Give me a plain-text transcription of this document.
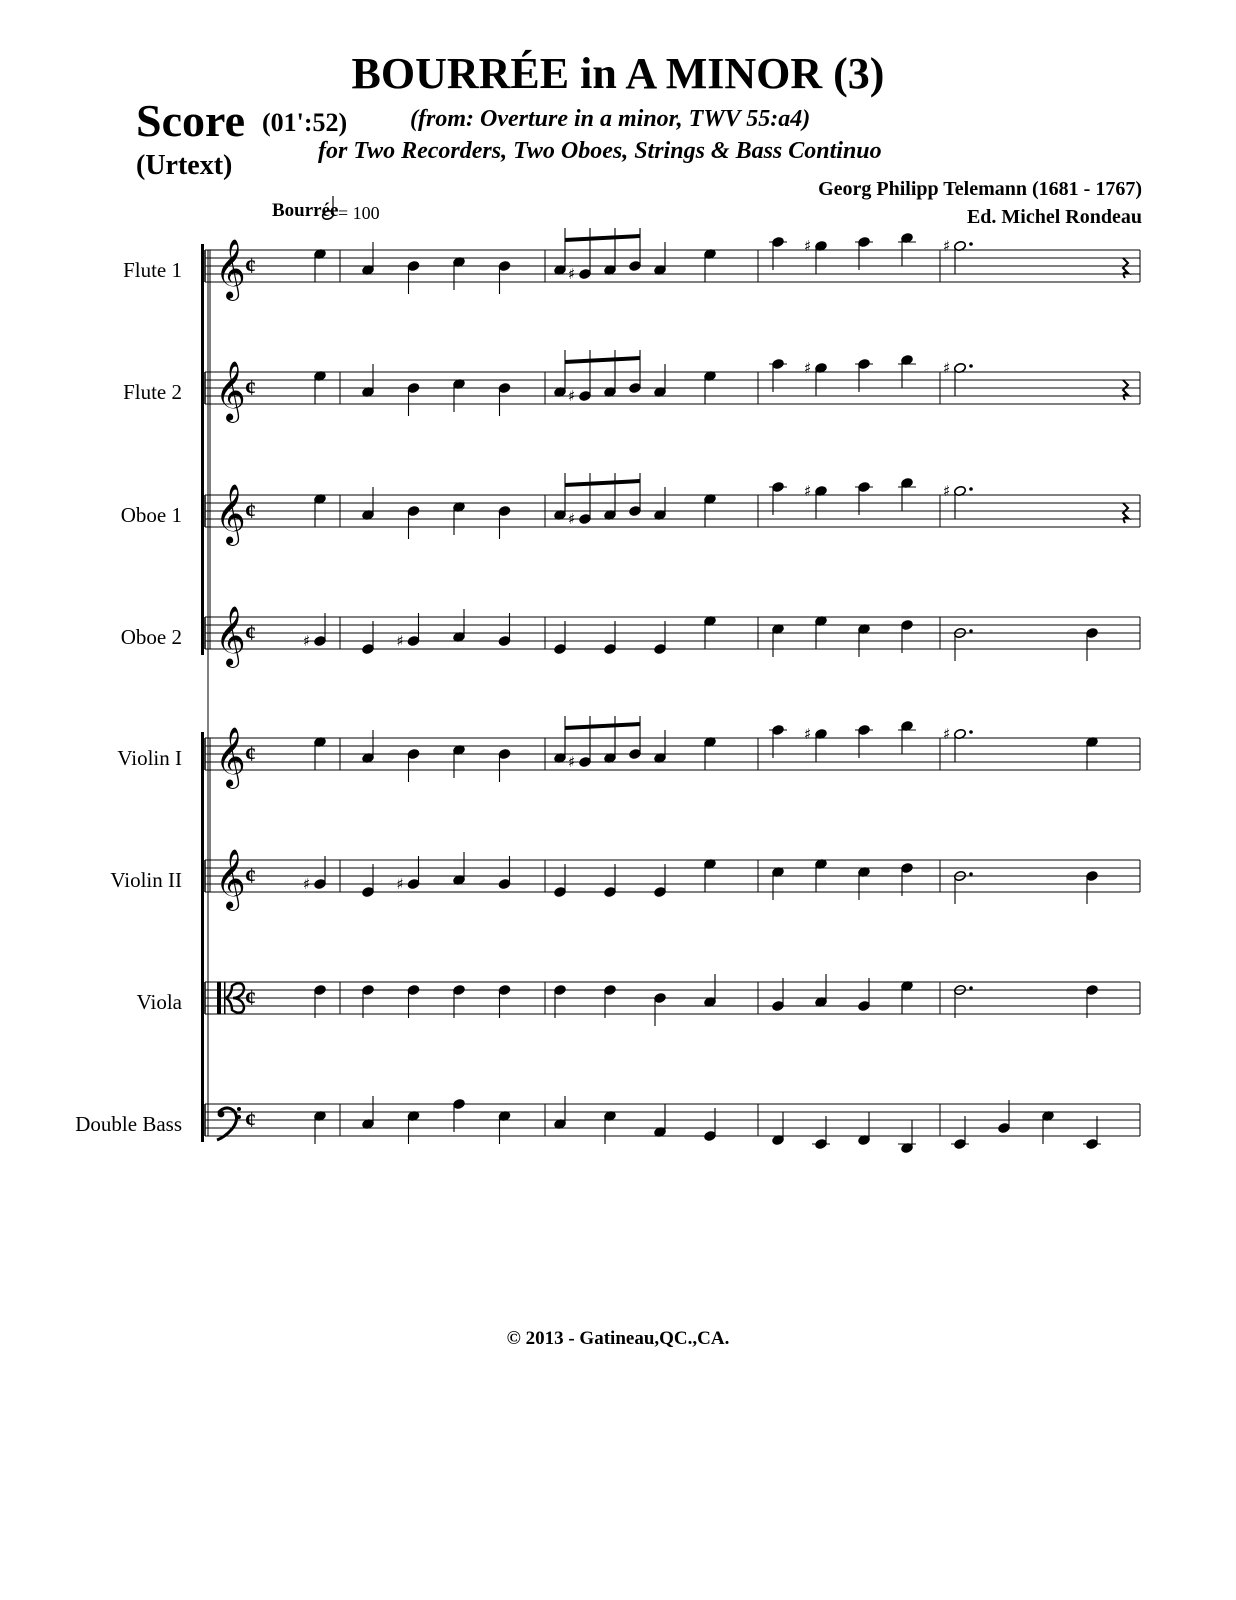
BOURRÉE in A MINOR (3)
Score (01':52)
(Urtext)
(from: Overture in a minor, TWV 55:a4)
for Two Recorders, Two Oboes, Strings & Bass Continuo
Georg Philipp Telemann (1681 - 1767)
Ed. Michel Rondeau
Bourrée = 100
Flute 1
Flute 2
Oboe 1
Oboe 2
Violin I
Violin II
Viola
Double Bass
𝄞 ¢	♯
♯	♯
𝄞 ¢	♯
♯	♯
𝄞 ¢	♯
♯	♯
𝄞 ¢	♯	♯
𝄞 ¢	♯
♯	♯
𝄞 ¢	♯	♯
¢
¢
© 2013 - Gatineau,QC.,CA.
